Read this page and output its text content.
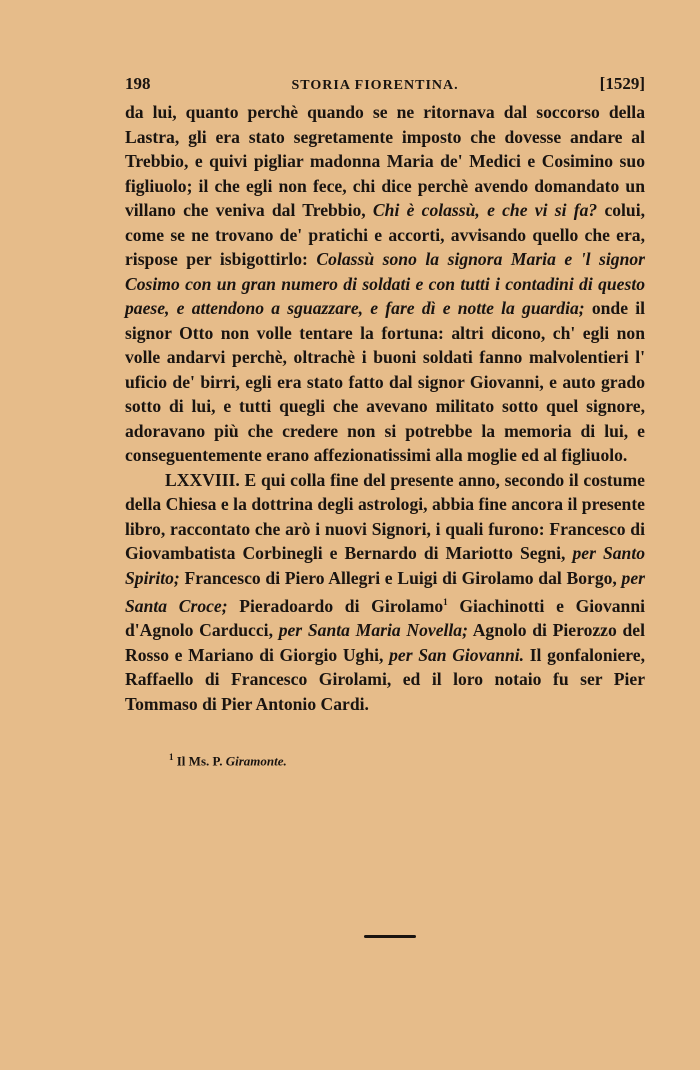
198	STORIA FIORENTINA.	[1529]

da lui, quanto perchè quando se ne ritornava dal soccorso della Lastra, gli era stato segretamente imposto che dovesse andare al Trebbio, e quivi pigliar madonna Maria de' Medici e Cosimino suo figliuolo; il che egli non fece, chi dice perchè avendo domandato un villano che veniva dal Trebbio, Chi è colassù, e che vi si fa? colui, come se ne trovano de' pratichi e accorti, avvisando quello che era, rispose per isbigottirlo: Colassù sono la signora Maria e 'l signor Cosimo con un gran numero di soldati e con tutti i contadini di questo paese, e attendono a sguazzare, e fare dì e notte la guardia; onde il signor Otto non volle tentare la fortuna: altri dicono, ch' egli non volle andarvi perchè, oltrachè i buoni soldati fanno malvolentieri l' uficio de' birri, egli era stato fatto dal signor Giovanni, e auto grado sotto di lui, e tutti quegli che avevano militato sotto quel signore, adoravano più che credere non si potrebbe la memoria di lui, e conseguentemente erano affezionatissimi alla moglie ed al figliuolo.

LXXVIII. E qui colla fine del presente anno, secondo il costume della Chiesa e la dottrina degli astrologi, abbia fine ancora il presente libro, raccontato che arò i nuovi Signori, i quali furono: Francesco di Giovambatista Corbinegli e Bernardo di Mariotto Segni, per Santo Spirito; Francesco di Piero Allegri e Luigi di Girolamo dal Borgo, per Santa Croce; Pieradoardo di Girolamo$^1$ Giachinotti e Giovanni d'Agnolo Carducci, per Santa Maria Novella; Agnolo di Pierozzo del Rosso e Mariano di Giorgio Ughi, per San Giovanni. Il gonfaloniere, Raffaello di Francesco Girolami, ed il loro notaio fu ser Pier Tommaso di Pier Antonio Cardi.

$^1$ Il Ms. P. Giramonte.
